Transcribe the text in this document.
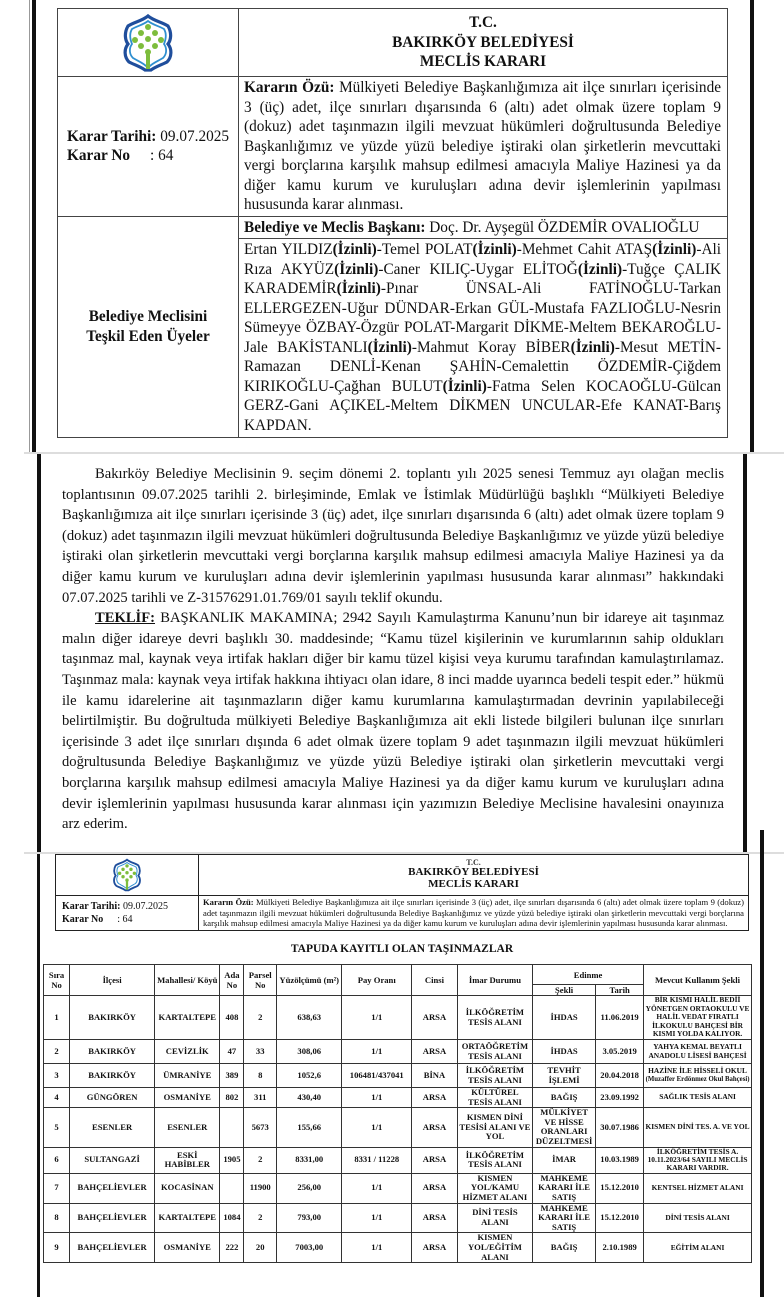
T.C.
BAKIRKÖY BELEDİYESİ
MECLİS KARARI

Karar Tarihi: 09.07.2025
Karar No : 64	Kararın Özü: Mülkiyeti Belediye Başkanlığımıza ait ilçe sınırları içerisinde 3 (üç) adet, ilçe sınırları dışarısında 6 (altı) adet olmak üzere toplam 9 (dokuz) adet taşınmazın ilgili mevzuat hükümleri doğrultusunda Belediye Başkanlığımız ve yüzde yüzü belediye iştiraki olan şirketlerin mevcuttaki vergi borçlarına karşılık mahsup edilmesi amacıyla Maliye Hazinesi ya da diğer kamu kurum ve kuruluşları adına devir işlemlerinin yapılması hususunda karar alınması.

Belediye Meclisini
Teşkil Eden Üyeler	Belediye ve Meclis Başkanı: Doç. Dr. Ayşegül ÖZDEMİR OVALIOĞLU
	Ertan YILDIZ(İzinli)-Temel POLAT(İzinli)-Mehmet Cahit ATAŞ(İzinli)-Ali Rıza AKYÜZ(İzinli)-Caner KILIÇ-Uygar ELİTOĞ(İzinli)-Tuğçe ÇALIK KARADEMİR(İzinli)-Pınar ÜNSAL-Ali FATİNOĞLU-Tarkan ELLERGEZEN-Uğur DÜNDAR-Erkan GÜL-Mustafa FAZLIOĞLU-Nesrin Sümeyye ÖZBAY-Özgür POLAT-Margarit DİKME-Meltem BEKAROĞLU-Jale BAKİSTANLI(İzinli)-Mahmut Koray BİBER(İzinli)-Mesut METİN-Ramazan DENLİ-Kenan ŞAHİN-Cemalettin ÖZDEMİR-Çiğdem KIRIKOĞLU-Çağhan BULUT(İzinli)-Fatma Selen KOCAOĞLU-Gülcan GERZ-Gani AÇIKEL-Meltem DİKMEN UNCULAR-Efe KANAT-Barış KAPDAN.

Bakırköy Belediye Meclisinin 9. seçim dönemi 2. toplantı yılı 2025 senesi Temmuz ayı olağan meclis toplantısının 09.07.2025 tarihli 2. birleşiminde, Emlak ve İstimlak Müdürlüğü başlıklı “Mülkiyeti Belediye Başkanlığımıza ait ilçe sınırları içerisinde 3 (üç) adet, ilçe sınırları dışarısında 6 (altı) adet olmak üzere toplam 9 (dokuz) adet taşınmazın ilgili mevzuat hükümleri doğrultusunda Belediye Başkanlığımız ve yüzde yüzü belediye iştiraki olan şirketlerin mevcuttaki vergi borçlarına karşılık mahsup edilmesi amacıyla Maliye Hazinesi ya da diğer kamu kurum ve kuruluşları adına devir işlemlerinin yapılması hususunda karar alınması” hakkındaki 07.07.2025 tarihli ve Z-31576291.01.769/01 sayılı teklif okundu.

TEKLİF: BAŞKANLIK MAKAMINA; 2942 Sayılı Kamulaştırma Kanunu’nun bir idareye ait taşınmaz malın diğer idareye devri başlıklı 30. maddesinde; “Kamu tüzel kişilerinin ve kurumlarının sahip oldukları taşınmaz mal, kaynak veya irtifak hakları diğer bir kamu tüzel kişisi veya kurumu tarafından kamulaştırılamaz. Taşınmaz mala: kaynak veya irtifak hakkına ihtiyacı olan idare, 8 inci madde uyarınca bedeli tespit eder.” hükmü ile kamu idarelerine ait taşınmazların diğer kamu kurumlarına kamulaştırmadan devrinin yapılabileceği belirtilmiştir. Bu doğrultuda mülkiyeti Belediye Başkanlığımıza ait ekli listede bilgileri bulunan ilçe sınırları içerisinde 3 adet ilçe sınırları dışında 6 adet olmak üzere toplam 9 adet taşınmazın ilgili mevzuat hükümleri doğrultusunda Belediye Başkanlığımız ve yüzde yüzü Belediye iştiraki olan şirketlerin mevcuttaki vergi borçlarına karşılık mahsup edilmesi amacıyla Maliye Hazinesi ya da diğer kamu kurum ve kuruluşları adına devir işlemlerinin yapılması hususunda karar alınması için yazımızın Belediye Meclisine havalesini onayınıza arz ederim.

T.C.
BAKIRKÖY BELEDİYESİ
MECLİS KARARI

Karar Tarihi: 09.07.2025
Karar No : 64	Kararın Özü: Mülkiyeti Belediye Başkanlığımıza ait ilçe sınırları içerisinde 3 (üç) adet, ilçe sınırları dışarısında 6 (altı) adet olmak üzere toplam 9 (dokuz) adet taşınmazın ilgili mevzuat hükümleri doğrultusunda Belediye Başkanlığımız ve yüzde yüzü belediye iştiraki olan şirketlerin mevcuttaki vergi borçlarına karşılık mahsup edilmesi amacıyla Maliye Hazinesi ya da diğer kamu kurum ve kuruluşları adına devir işlemlerinin yapılması hususunda karar alınması.
TAPUDA KAYITLI OLAN TAŞINMAZLAR
Sıra No	İlçesi	Mahallesi/ Köyü	Ada No	Parsel No	Yüzölçümü (m²)	Pay Oranı	Cinsi	İmar Durumu	Edinme		Mevcut Kullanım Şekli
									Şekli	Tarih	
1	BAKIRKÖY	KARTALTEPE	408	2	638,63	1/1	ARSA	İLKÖĞRETİM TESİS ALANI	İHDAS	11.06.2019	BİR KISMI HALİL BEDİİ YÖNETGEN ORTAOKULU VE HALİL VEDAT FIRATLI İLKOKULU BAHÇESİ BİR KISMI YOLDA KALIYOR.

2	BAKIRKÖY	CEVİZLİK	47	33	308,06	1/1	ARSA	ORTAÖĞRETİM TESİS ALANI	İHDAS	3.05.2019	YAHYA KEMAL BEYATLI ANADOLU LİSESİ BAHÇESİ

3	BAKIRKÖY	ÜMRANİYE	389	8	1052,6	106481/437041	BİNA	İLKÖĞRETİM TESİS ALANI	TEVHİT İŞLEMİ	20.04.2018	HAZİNE İLE HİSSELİ OKUL
(Muzaffer Erdönmez Okul Bahçesi)

4	GÜNGÖREN	OSMANİYE	802	311	430,40	1/1	ARSA	KÜLTÜREL TESİS ALANI	BAĞIŞ	23.09.1992	SAĞLIK TESİS ALANI

5	ESENLER	ESENLER		5673	155,66	1/1	ARSA	KISMEN DİNİ TESİSİ ALANI VE YOL	MÜLKİYET VE HİSSE ORANLARI DÜZELTMESİ	30.07.1986	KISMEN DİNİ TES. A. VE YOL

6	SULTANGAZİ	ESKİ HABİBLER	1905	2	8331,00	8331 / 11228	ARSA	İLKÖĞRETİM TESİS ALANI	İMAR	10.03.1989	İLKÖĞRETİM TESİS A. 10.11.2023/64 SAYILI MECLİS KARARI VARDIR.

7	BAHÇELİEVLER	KOCASİNAN		11900	256,00	1/1	ARSA	KISMEN YOL/KAMU HİZMET ALANI	MAHKEME KARARI İLE SATIŞ	15.12.2010	KENTSEL HİZMET ALANI

8	BAHÇELİEVLER	KARTALTEPE	1084	2	793,00	1/1	ARSA	DİNİ TESİS ALANI	MAHKEME KARARI İLE SATIŞ	15.12.2010	DİNİ TESİS ALANI

9	BAHÇELİEVLER	OSMANİYE	222	20	7003,00	1/1	ARSA	KISMEN YOL/EĞİTİM ALANI	BAĞIŞ	2.10.1989	EĞİTİM ALANI
